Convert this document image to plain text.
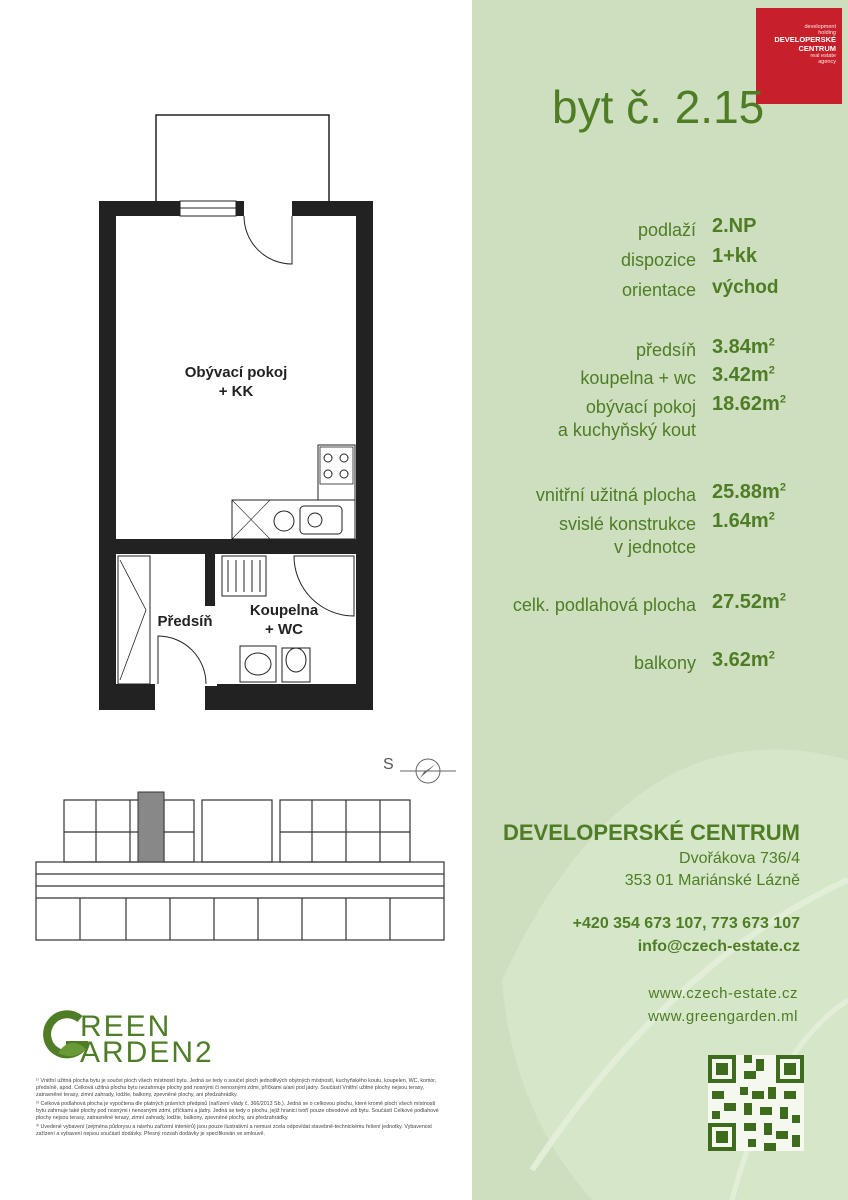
Obývací pokoj
+ KK
Předsíň
Koupelna
+ WC
S
REEN
ARDEN2

¹⁾ Vnitřní užitná plocha bytu je součet ploch všech místností bytu. Jedná se tedy o součet ploch jednotlivých obytných místností, kuchyňského koutu, koupelen, WC, komor, předsíně, apod. Celková užitná plocha bytu nezahrnuje plochy pod nosnými či nenosnými zdmi, příčkami a/ani pod jádry. Součástí Vnitřní užitné plochy nejsou terasy, zatravněné terasy, zimní zahrady, lodžie, balkony, zpevněné plochy, ani předzahrádky.

²⁾ Celková podlahová plocha je vypočtena dle platných právních předpisů (nařízení vlády č. 366/2013 Sb.). Jedná se o celkovou plochu, které kromě ploch všech místností bytu zahrnuje také plochy pod nosnými i nenosnými zdmi, příčkami a jádry. Jedná se tedy o plochu, jejíž hranici tvoří pouze obvodové zdi bytu. Součástí Celkové podlahové plochy nejsou terasy, zatravněné terasy, zimní zahrady, lodžie, balkony, zpevněné plochy, ani předzahrádky.

³⁾ Uvedené vybavení (zejména půdorysu a návrhu zařízení interiérů) jsou pouze ilustrativní a nemusí zcela odpovídat stavebně-technickému řešení jednotky. Vybavenost zařízení a vybavení nejsou součástí dodávky. Přesný rozsah dodávky je specifikován ve smlouvě.

development
holding
DEVELOPERSKÉ
CENTRUM
real estate
agency
byt č. 2.15
podlaží 2.NP
dispozice 1+kk
orientace východ
předsíň $3.84m^2$
koupelna + wc $3.42m^2$
obývací pokoj
a kuchyňský kout
$18.62m^2$
vnitřní užitná plocha $25.88m^2$
svislé konstrukce
v jednotce
$1.64m^2$
celk. podlahová plocha $27.52m^2$
balkony $3.62m^2$
DEVELOPERSKÉ CENTRUM
Dvořákova 736/4
353 01 Mariánské Lázně
+420 354 673 107, 773 673 107
info@czech-estate.cz
www.czech-estate.cz
www.greengarden.ml
